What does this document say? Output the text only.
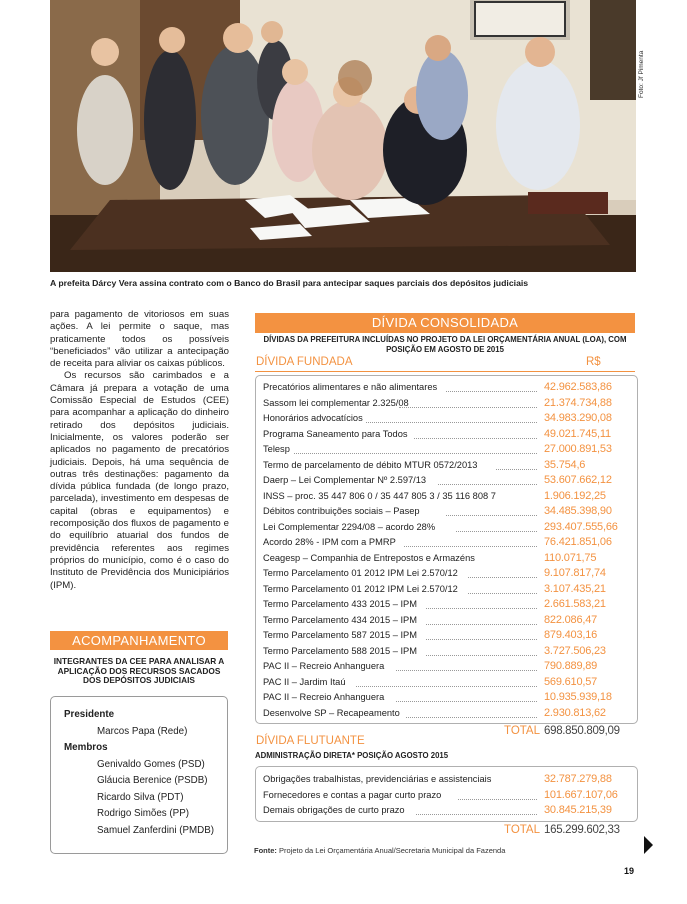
Foto: Jf Pimenta
A prefeita Dárcy Vera assina contrato com o Banco do Brasil para antecipar saques parciais dos depósitos judiciais

para pagamento de vitoriosos em suas ações. A lei permite o saque, mas praticamente todos os possíveis “beneficiados” vão utilizar a antecipação de receita para aliviar os caixas públicos.

Os recursos são carimbados e a Câmara já prepara a votação de uma Comissão Especial de Estudos (CEE) para acompanhar a aplicação do dinheiro retirado dos depósitos judiciais. Inicialmente, os valores poderão ser aplicados no pagamento de precatórios judiciais. Depois, há uma sequência de outras três destinações: pagamento da dívida pública fundada (de longo prazo, parcelada), investimento em despesas de capital (obras e equipamentos) e recomposição dos fluxos de pagamento e do equilíbrio atuarial dos fundos de previdência referentes aos regimes próprios do município, como é o caso do Instituto de Previdência dos Municipiários (IPM).

ACOMPANHAMENTO
INTEGRANTES DA CEE PARA ANALISAR A APLICAÇÃO DOS RECURSOS SACADOS DOS DEPÓSITOS JUDICIAIS
Presidente
Marcos Papa (Rede)
Membros
Genivaldo Gomes (PSD)
Gláucia Berenice (PSDB)
Ricardo Silva (PDT)
Rodrigo Simões (PP)
Samuel Zanferdini (PMDB)
DÍVIDA CONSOLIDADA
DÍVIDAS DA PREFEITURA INCLUÍDAS NO PROJETO DA LEI ORÇAMENTÁRIA ANUAL (LOA), COM POSIÇÃO EM AGOSTO DE 2015
DÍVIDA FUNDADA	R$
Precatórios alimentares e não alimentares	42.962.583,86
Sassom lei complementar 2.325/08	21.374.734,88
Honorários advocatícios	34.983.290,08
Programa Saneamento para Todos	49.021.745,11
Telesp	27.000.891,53
Termo de parcelamento de débito MTUR 0572/2013	35.754,6
Daerp – Lei Complementar Nº 2.597/13	53.607.662,12
INSS – proc. 35 447 806 0 / 35 447 805 3 / 35 116 808 7	1.906.192,25
Débitos contribuições sociais – Pasep	34.485.398,90
Lei Complementar 2294/08 – acordo 28%	293.407.555,66
Acordo 28% - IPM com a PMRP	76.421.851,06
Ceagesp – Companhia de Entrepostos e Armazéns	110.071,75
Termo Parcelamento 01 2012 IPM Lei 2.570/12	9.107.817,74
Termo Parcelamento 01 2012 IPM Lei 2.570/12	3.107.435,21
Termo Parcelamento 433 2015 – IPM	2.661.583,21
Termo Parcelamento 434 2015 – IPM	822.086,47
Termo Parcelamento 587 2015 – IPM	879.403,16
Termo Parcelamento 588 2015 – IPM	3.727.506,23
PAC II – Recreio Anhanguera	790.889,89
PAC II – Jardim Itaú	569.610,57
PAC II – Recreio Anhanguera	10.935.939,18
Desenvolve SP – Recapeamento	2.930.813,62
TOTAL 698.850.809,09
DÍVIDA FLUTUANTE
ADMINISTRAÇÃO DIRETA* POSIÇÃO AGOSTO 2015
Obrigações trabalhistas, previdenciárias e assistenciais	32.787.279,88
Fornecedores e contas a pagar curto prazo	101.667.107,06
Demais obrigações de curto prazo	30.845.215,39
TOTAL 165.299.602,33
Fonte: Projeto da Lei Orçamentária Anual/Secretaria Municipal da Fazenda
19
